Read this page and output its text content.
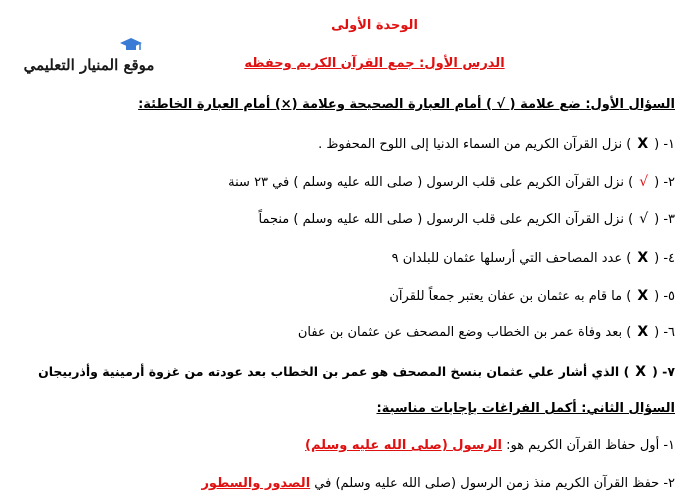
موقع المنيار التعليمي
الوحدة الأولى
الدرس الأول: جمع القرآن الكريم وحفظه
السؤال الأول: ضع علامة ( √ ) أمام العبارة الصحيحة وعلامة (×) أمام العبارة الخاطئة:
١- (X) نزل القرآن الكريم من السماء الدنيا إلى اللوح المحفوظ .
٢- (√) نزل القرآن الكريم على قلب الرسول ( صلى الله عليه وسلم ) في ٢٣ سنة
٣- (√) نزل القرآن الكريم على قلب الرسول ( صلى الله عليه وسلم ) منجماً
٤- (X) عدد المصاحف التي أرسلها عثمان للبلدان ٩
٥- (X) ما قام به عثمان بن عفان يعتبر جمعاً للقرآن
٦- (X) بعد وفاة عمر بن الخطاب وضع المصحف عن عثمان بن عفان
٧- (X) الذي أشار علي عثمان بنسخ المصحف هو عمر بن الخطاب بعد عودته من غزوة أرمينية وأذربيجان
السؤال الثاني: أكمل الفراغات بإجابات مناسبة:
١- أول حفاظ القرآن الكريم هو: الرسول (صلى الله عليه وسلم)
٢- حفظ القرآن الكريم منذ زمن الرسول (صلى الله عليه وسلم) في الصدور والسطور
